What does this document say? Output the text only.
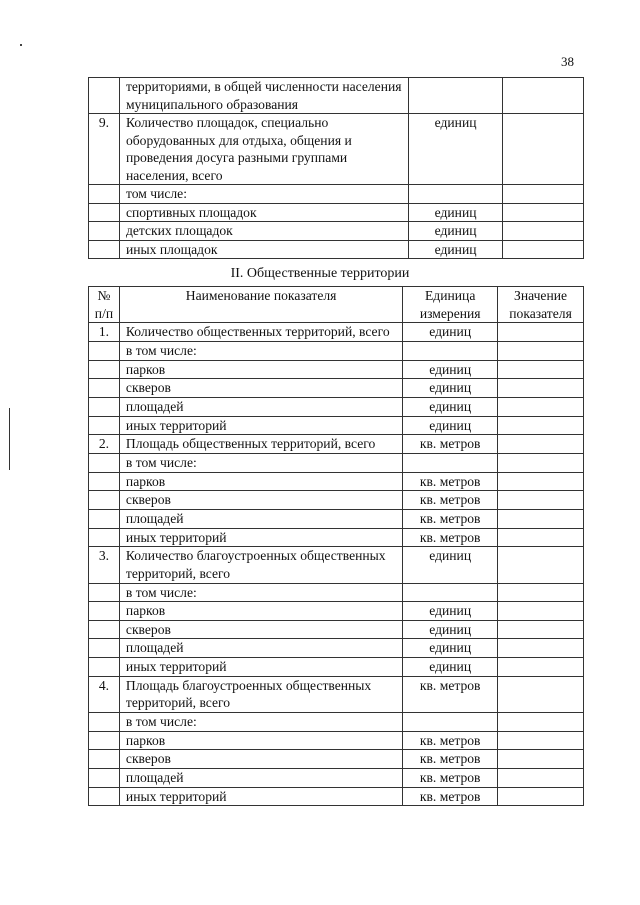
38
	территориями, в общей численности населения муниципального образования		
9.	Количество площадок, специально оборудованных для отдыха, общения и проведения досуга разными группами населения, всего	единиц	
	том числе:		
	спортивных площадок	единиц	
	детских площадок	единиц	
	иных площадок	единиц	
II. Общественные территории
№ п/п	Наименование показателя	Единица измерения	Значение показателя
1.	Количество общественных территорий, всего	единиц	
	в том числе:		
	парков	единиц	
	скверов	единиц	
	площадей	единиц	
	иных территорий	единиц	
2.	Площадь общественных территорий, всего	кв. метров	
	в том числе:		
	парков	кв. метров	
	скверов	кв. метров	
	площадей	кв. метров	
	иных территорий	кв. метров	
3.	Количество благоустроенных общественных территорий, всего	единиц	
	в том числе:		
	парков	единиц	
	скверов	единиц	
	площадей	единиц	
	иных территорий	единиц	
4.	Площадь благоустроенных общественных территорий, всего	кв. метров	
	в том числе:		
	парков	кв. метров	
	скверов	кв. метров	
	площадей	кв. метров	
	иных территорий	кв. метров	
